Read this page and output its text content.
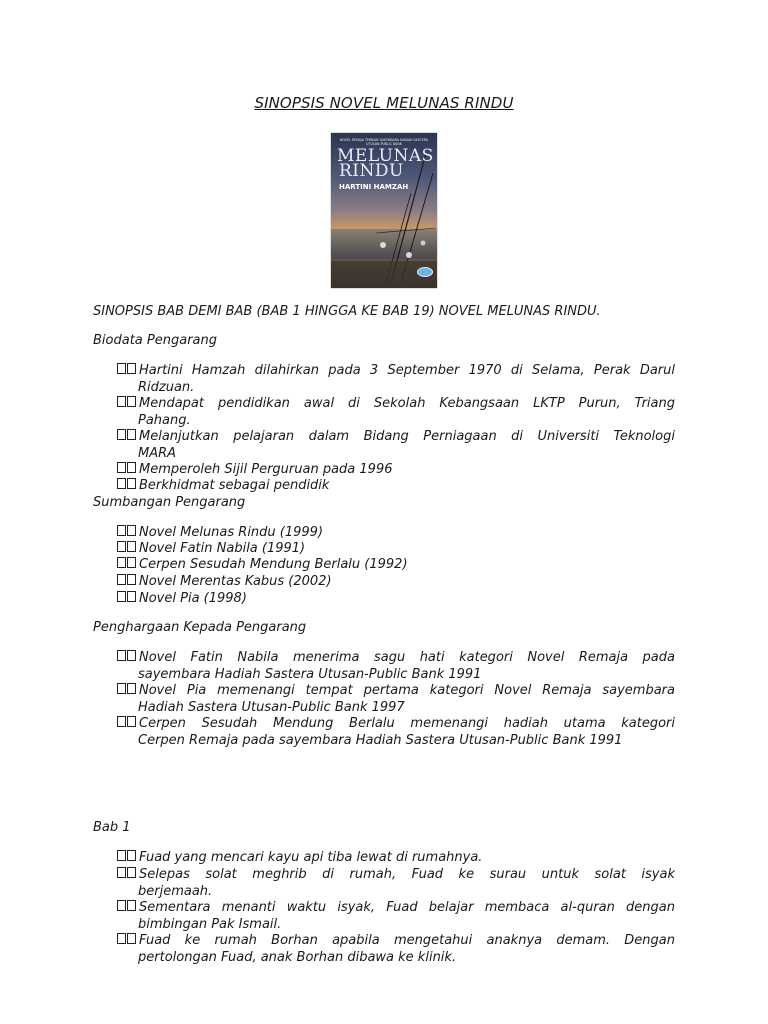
SINOPSIS NOVEL MELUNAS RINDU
NOVEL REMAJA TERBAIK SAYEMBARA HADIAH SASTERA UTUSAN-PUBLIC BANK
MELUNAS
RINDU
HARTINI HAMZAH
SINOPSIS BAB DEMI BAB (BAB 1 HINGGA KE BAB 19) NOVEL MELUNAS RINDU.
Biodata Pengarang
Hartini Hamzah dilahirkan pada 3 September 1970 di Selama, Perak Darul
Ridzuan.
Mendapat pendidikan awal di Sekolah Kebangsaan LKTP Purun, Triang
Pahang.
Melanjutkan pelajaran dalam Bidang Perniagaan di Universiti Teknologi
MARA
Memperoleh Sijil Perguruan pada 1996
Berkhidmat sebagai pendidik
Sumbangan Pengarang
Novel Melunas Rindu (1999)
Novel Fatin Nabila (1991)
Cerpen Sesudah Mendung Berlalu (1992)
Novel Merentas Kabus (2002)
Novel Pia (1998)
Penghargaan Kepada Pengarang
Novel Fatin Nabila menerima sagu hati kategori Novel Remaja pada
sayembara Hadiah Sastera Utusan-Public Bank 1991
Novel Pia memenangi tempat pertama kategori Novel Remaja sayembara
Hadiah Sastera Utusan-Public Bank 1997
Cerpen Sesudah Mendung Berlalu memenangi hadiah utama kategori
Cerpen Remaja pada sayembara Hadiah Sastera Utusan-Public Bank 1991
Bab 1
Fuad yang mencari kayu api tiba lewat di rumahnya.
Selepas solat meghrib di rumah, Fuad ke surau untuk solat isyak
berjemaah.
Sementara menanti waktu isyak, Fuad belajar membaca al-quran dengan
bimbingan Pak Ismail.
Fuad ke rumah Borhan apabila mengetahui anaknya demam. Dengan
pertolongan Fuad, anak Borhan dibawa ke klinik.
